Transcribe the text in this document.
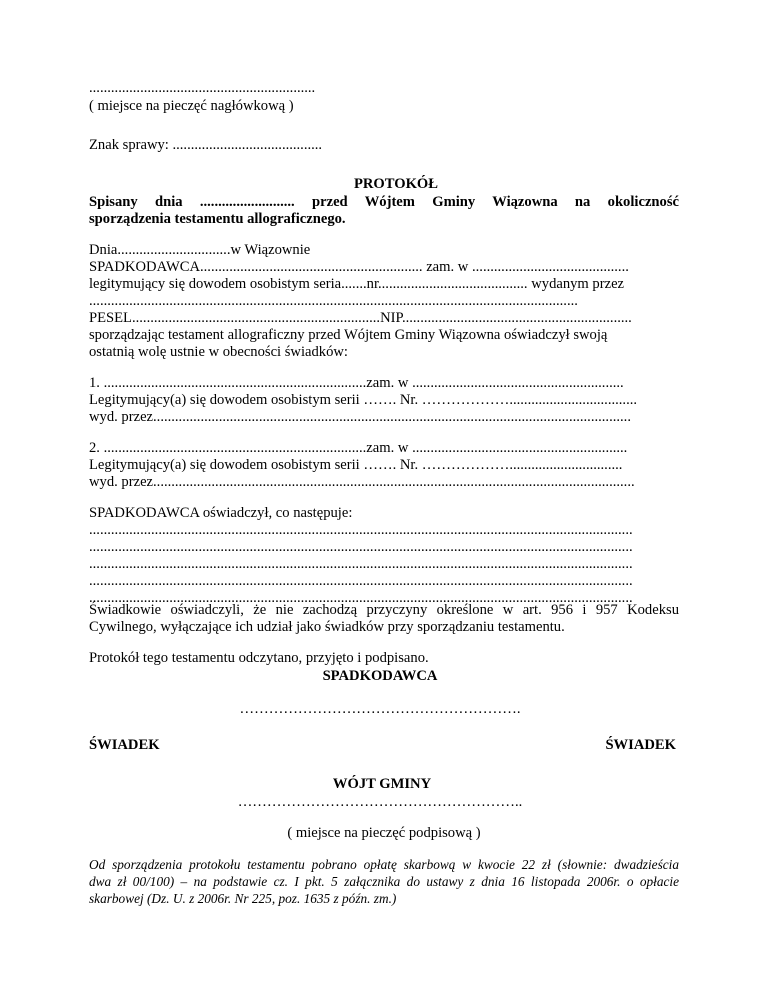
..............................................................
( miejsce na pieczęć nagłówkową )
Znak sprawy: .........................................
PROTOKÓŁ
Spisany dnia .......................... przed Wójtem Gminy Wiązowna na okoliczność
sporządzenia testamentu allograficznego.
Dnia...............................w Wiązownie
SPADKODAWCA............................................................. zam. w ...........................................
legitymujący się dowodem osobistym seria.......nr......................................... wydanym przez
......................................................................................................................................
PESEL....................................................................NIP...............................................................
sporządzając testament allograficzny przed Wójtem Gminy Wiązowna oświadczył swoją
ostatnią wolę ustnie w obecności świadków:
1. ........................................................................zam. w ..........................................................
Legitymujący(a) się dowodem osobistym serii ……. Nr. ………………...................................
wyd. przez...................................................................................................................................
2. ........................................................................zam. w ...........................................................
Legitymujący(a) się dowodem osobistym serii ……. Nr. ………………...............................
wyd. przez....................................................................................................................................
SPADKODAWCA oświadczył, co następuje:
.....................................................................................................................................................
.....................................................................................................................................................
.....................................................................................................................................................
.....................................................................................................................................................
.....................................................................................................................................................
Świadkowie oświadczyli, że nie zachodzą przyczyny określone w art. 956 i 957 Kodeksu
Cywilnego, wyłączające ich udział jako świadków przy sporządzaniu testamentu.
Protokół tego testamentu odczytano, przyjęto i podpisano.
SPADKODAWCA
………………………………………………….
ŚWIADEK	ŚWIADEK
WÓJT GMINY
…………………………………………………..
( miejsce na pieczęć podpisową )
Od sporządzenia protokołu testamentu pobrano opłatę skarbową w kwocie 22 zł (słownie: dwadzieścia
dwa zł 00/100) – na podstawie cz. I pkt. 5 załącznika do ustawy z dnia 16 listopada 2006r. o opłacie
skarbowej (Dz. U. z 2006r. Nr 225, poz. 1635 z późn. zm.)
